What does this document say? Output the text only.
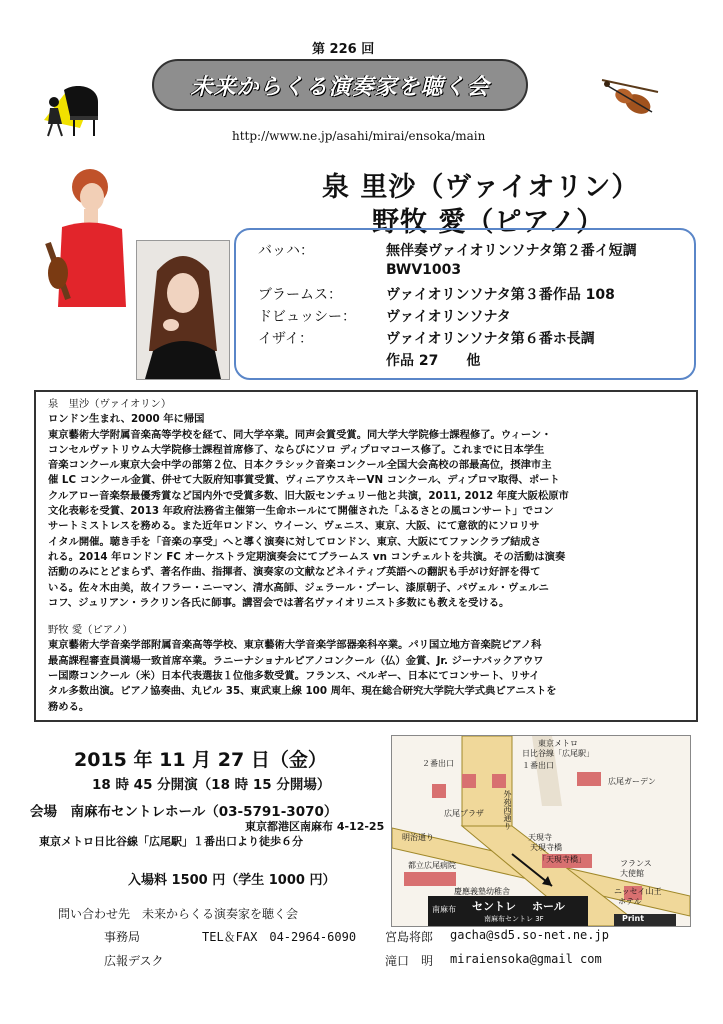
第 226 回
未来からくる演奏家を聴く会
http://www.ne.jp/asahi/mirai/ensoka/main
泉 里沙（ヴァイオリン）
野牧 愛（ピアノ）
バッハ：	無伴奏ヴァイオリンソナタ第２番イ短調
BWV1003
ブラームス：	ヴァイオリンソナタ第３番作品 108
ドビュッシー： ヴァイオリンソナタ
イザイ：	ヴァイオリンソナタ第６番ホ長調
作品 27　　他

泉　里沙（ヴァイオリン）

ロンドン生まれ、2000 年に帰国

東京藝術大学附属音楽高等学校を経て、同大学卒業。同声会賞受賞。同大学大学院修士課程修了。ウィーン・

コンセルヴァトリウム大学院修士課程首席修了、ならびにソロ ディプロマコース修了。これまでに日本学生

音楽コンクール東京大会中学の部第２位、日本クラシック音楽コンクール全国大会高校の部最高位，摂津市主

催 LC コンクール金賞、併せて大阪府知事賞受賞、ヴィニアウスキーVN コンクール、ディプロマ取得、ポート

クルアロー音楽祭最優秀賞など国内外で受賞多数、旧大阪センチュリー他と共演，2011, 2012 年度大阪松原市

文化表彰を受賞、2013 年政府法務省主催第一生命ホールにて開催された「ふるさとの風コンサート」でコン

サートミストレスを務める。また近年ロンドン、ウイーン、ヴェニス、東京、大阪、にて意欲的にソロリサ

イタル開催。聴き手を「音楽の享受」へと導く演奏に対してロンドン、東京、大阪にてファンクラブ結成さ

れる。2014 年ロンドン FC オーケストラ定期演奏会にてブラームス vn コンチェルトを共演。その活動は演奏

活動のみにとどまらず、著名作曲、指揮者、演奏家の文献などネイティブ英語への翻訳も手がけ好評を得て

いる。佐々木由美，故イフラー・ニーマン、清水高師、ジェラール・プーレ、漆原朝子、パヴェル・ヴェルニ

コフ、ジュリアン・ラクリン各氏に師事。講習会では著名ヴァイオリニスト多数にも教えを受ける。

野牧 愛（ピアノ）

東京藝術大学音楽学部附属音楽高等学校、東京藝術大学音楽学部器楽科卒業。パリ国立地方音楽院ピアノ科

最高課程審査員満場一致首席卒業。ラニーナショナルピアノコンクール（仏）金賞、Jr. ジーナバックアウワ

ー国際コンクール（米）日本代表選抜１位他多数受賞。フランス、ベルギー、日本にてコンサート、リサイ

タル多数出演。ピアノ協奏曲、丸ビル 35、東武東上線 100 周年、現在総合研究大学院大学式典ピアニストを

務める。

2015 年 11 月 27 日（金）
18 時 45 分開演（18 時 15 分開場）
会場　南麻布セントレホール（03-5791-3070）
東京都港区南麻布 4-12-25
東京メトロ日比谷線「広尾駅」１番出口より徒歩６分
入場料 1500 円（学生 1000 円）
問い合わせ先　未来からくる演奏家を聴く会
事務局	TEL＆FAX　04-2964-6090 宮島将郎 gacha@sd5.so-net.ne.jp
広報デスク	滝口　明 miraiensoka@gmail com
東京メトロ
日比谷線「広尾駅」
２番出口	１番出口
広尾ガーデン
広尾プラザ 外苑西通り
明治通り	天現寺
天現寺橋
「天現寺橋」
都立広尾病院	フランス
大使館
慶應義塾幼稚舎	ニッセイ山王
ホテル
南麻布 セントレ ホール
南麻布セントレ 3F	Print
